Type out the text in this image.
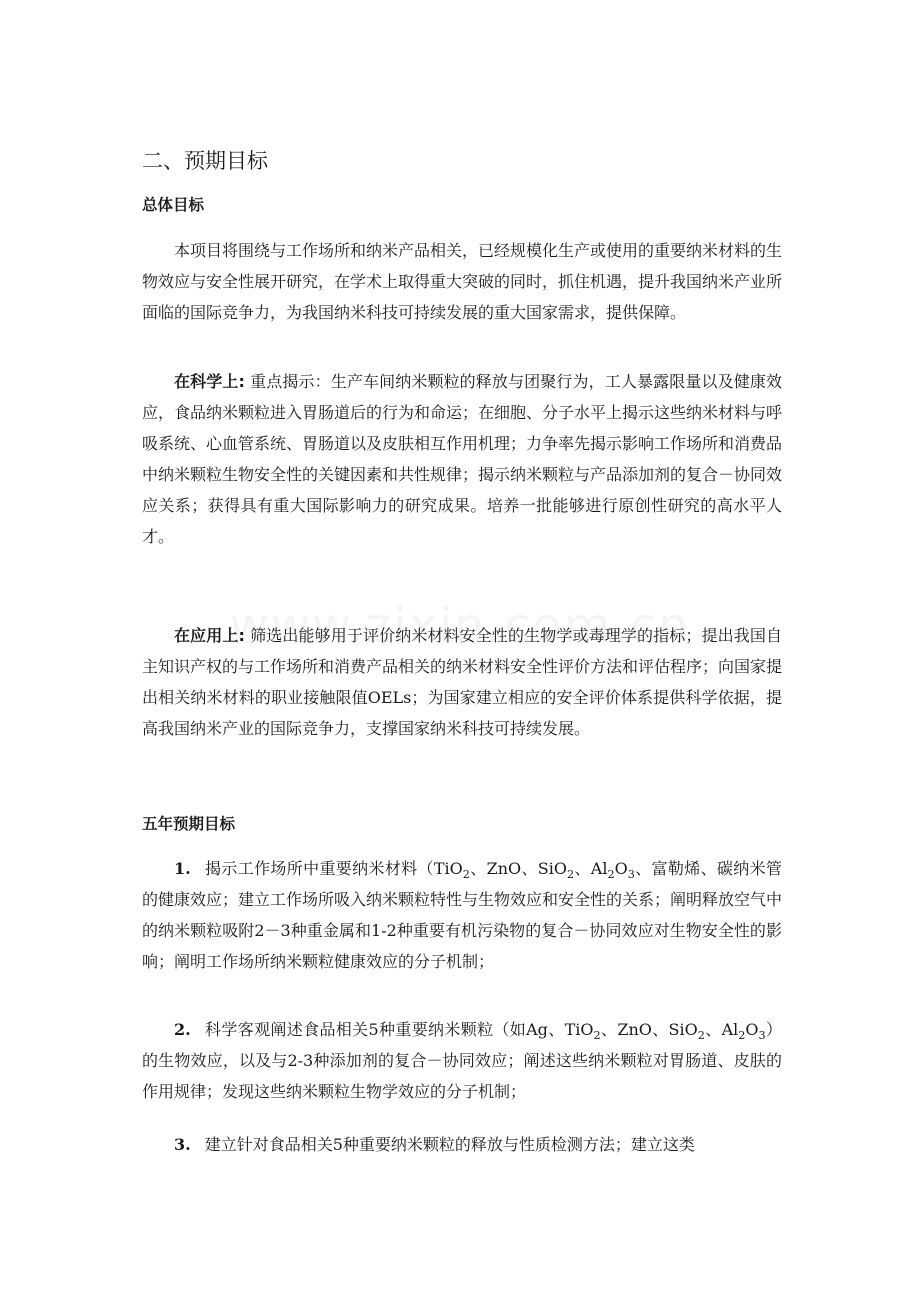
二、预期目标
总体目标

本项目将围绕与工作场所和纳米产品相关，已经规模化生产或使用的重要纳米材料的生物效应与安全性展开研究，在学术上取得重大突破的同时，抓住机遇，提升我国纳米产业所面临的国际竞争力，为我国纳米科技可持续发展的重大国家需求，提供保障。

在科学上: 重点揭示：生产车间纳米颗粒的释放与团聚行为，工人暴露限量以及健康效应，食品纳米颗粒进入胃肠道后的行为和命运；在细胞、分子水平上揭示这些纳米材料与呼吸系统、心血管系统、胃肠道以及皮肤相互作用机理；力争率先揭示影响工作场所和消费品中纳米颗粒生物安全性的关键因素和共性规律；揭示纳米颗粒与产品添加剂的复合－协同效应关系；获得具有重大国际影响力的研究成果。培养一批能够进行原创性研究的高水平人才。

在应用上: 筛选出能够用于评价纳米材料安全性的生物学或毒理学的指标；提出我国自主知识产权的与工作场所和消费产品相关的纳米材料安全性评价方法和评估程序；向国家提出相关纳米材料的职业接触限值OELs；为国家建立相应的安全评价体系提供科学依据，提高我国纳米产业的国际竞争力，支撑国家纳米科技可持续发展。

五年预期目标

1. 揭示工作场所中重要纳米材料（TiO$_2$、ZnO、SiO$_2$、$Al_2O_3$、富勒烯、碳纳米管的健康效应；建立工作场所吸入纳米颗粒特性与生物效应和安全性的关系；阐明释放空气中的纳米颗粒吸附2－3种重金属和1-2种重要有机污染物的复合－协同效应对生物安全性的影响；阐明工作场所纳米颗粒健康效应的分子机制；

2. 科学客观阐述食品相关5种重要纳米颗粒（如Ag、TiO$_2$、ZnO、SiO$_2$、$Al_2O_3$）的生物效应，以及与2-3种添加剂的复合－协同效应；阐述这些纳米颗粒对胃肠道、皮肤的作用规律；发现这些纳米颗粒生物学效应的分子机制；

3. 建立针对食品相关5种重要纳米颗粒的释放与性质检测方法；建立这类
